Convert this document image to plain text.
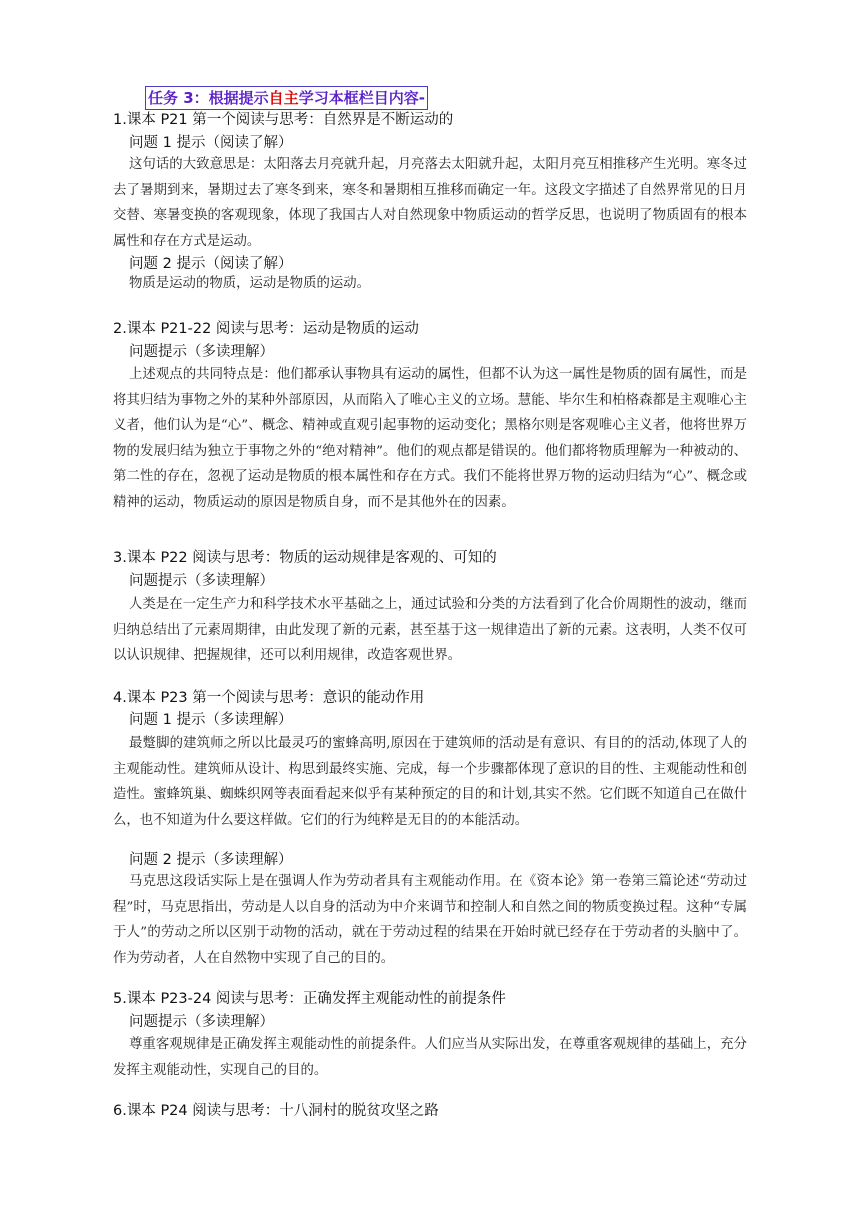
任务 3：根据提示自主学习本框栏目内容-
1.课本 P21 第一个阅读与思考：自然界是不断运动的
问题 1 提示（阅读了解）
这句话的大致意思是：太阳落去月亮就升起，月亮落去太阳就升起，太阳月亮互相推移产生光明。寒冬过去了暑期到来，暑期过去了寒冬到来，寒冬和暑期相互推移而确定一年。这段文字描述了自然界常见的日月交替、寒暑变换的客观现象，体现了我国古人对自然现象中物质运动的哲学反思，也说明了物质固有的根本属性和存在方式是运动。
问题 2 提示（阅读了解）
物质是运动的物质，运动是物质的运动。
2.课本 P21-22 阅读与思考：运动是物质的运动
问题提示（多读理解）
上述观点的共同特点是：他们都承认事物具有运动的属性，但都不认为这一属性是物质的固有属性，而是将其归结为事物之外的某种外部原因，从而陷入了唯心主义的立场。慧能、毕尔生和柏格森都是主观唯心主义者，他们认为是“心”、概念、精神或直观引起事物的运动变化；黑格尔则是客观唯心主义者，他将世界万物的发展归结为独立于事物之外的“绝对精神”。他们的观点都是错误的。他们都将物质理解为一种被动的、第二性的存在，忽视了运动是物质的根本属性和存在方式。我们不能将世界万物的运动归结为“心”、概念或精神的运动，物质运动的原因是物质自身，而不是其他外在的因素。
3.课本 P22 阅读与思考：物质的运动规律是客观的、可知的
问题提示（多读理解）
人类是在一定生产力和科学技术水平基础之上，通过试验和分类的方法看到了化合价周期性的波动，继而归纳总结出了元素周期律，由此发现了新的元素，甚至基于这一规律造出了新的元素。这表明，人类不仅可以认识规律、把握规律，还可以利用规律，改造客观世界。
4.课本 P23 第一个阅读与思考：意识的能动作用
问题 1 提示（多读理解）
最蹩脚的建筑师之所以比最灵巧的蜜蜂高明,原因在于建筑师的活动是有意识、有目的的活动,体现了人的主观能动性。建筑师从设计、构思到最终实施、完成，每一个步骤都体现了意识的目的性、主观能动性和创造性。蜜蜂筑巢、蜘蛛织网等表面看起来似乎有某种预定的目的和计划,其实不然。它们既不知道自己在做什么，也不知道为什么要这样做。它们的行为纯粹是无目的的本能活动。
问题 2 提示（多读理解）
马克思这段话实际上是在强调人作为劳动者具有主观能动作用。在《资本论》第一卷第三篇论述“劳动过程”时，马克思指出，劳动是人以自身的活动为中介来调节和控制人和自然之间的物质变换过程。这种“专属于人”的劳动之所以区别于动物的活动，就在于劳动过程的结果在开始时就已经存在于劳动者的头脑中了。作为劳动者，人在自然物中实现了自己的目的。
5.课本 P23-24 阅读与思考：正确发挥主观能动性的前提条件
问题提示（多读理解）
尊重客观规律是正确发挥主观能动性的前提条件。人们应当从实际出发，在尊重客观规律的基础上，充分发挥主观能动性，实现自己的目的。
6.课本 P24 阅读与思考：十八洞村的脱贫攻坚之路
